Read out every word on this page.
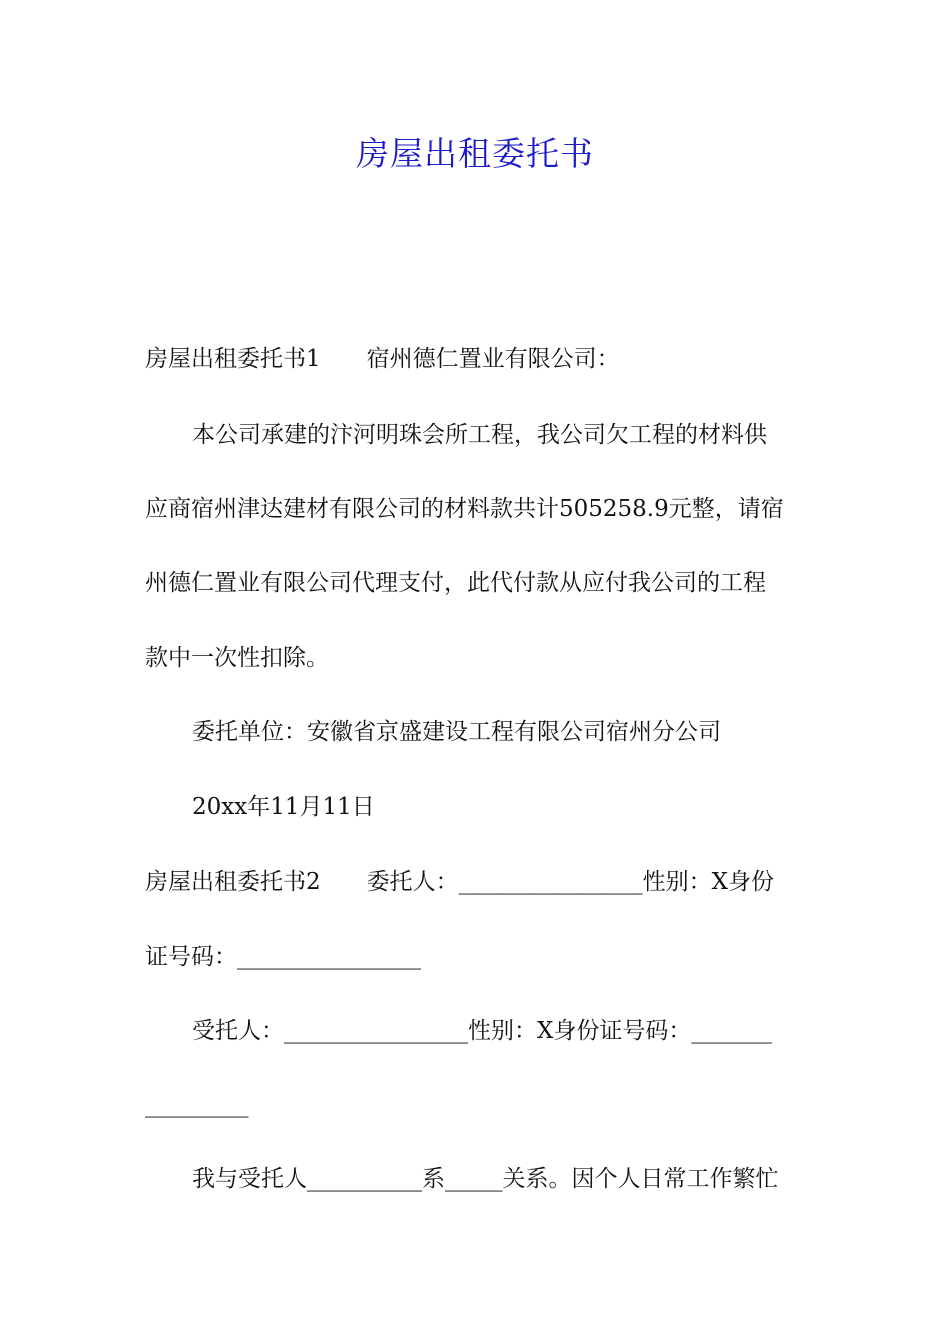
房屋出租委托书
房屋出租委托书1　　宿州德仁置业有限公司：
本公司承建的汴河明珠会所工程，我公司欠工程的材料供
应商宿州津达建材有限公司的材料款共计505258.9元整，请宿
州德仁置业有限公司代理支付，此代付款从应付我公司的工程
款中一次性扣除。
委托单位：安徽省京盛建设工程有限公司宿州分公司
20xx年11月11日
房屋出租委托书2　　委托人：________________性别：X身份
证号码：________________
受托人：________________性别：X身份证号码：_______
_________
我与受托人__________系_____关系。因个人日常工作繁忙
